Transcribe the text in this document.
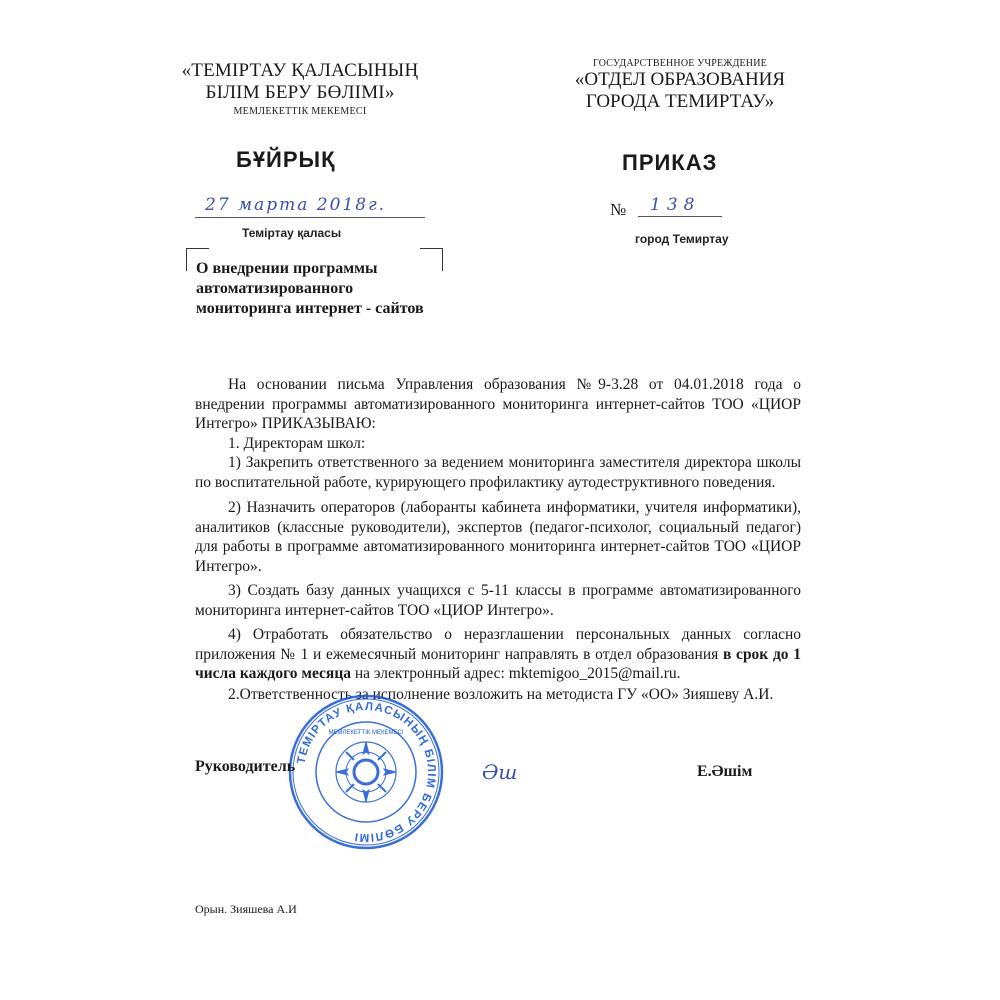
«ТЕМІРТАУ ҚАЛАСЫНЫҢ
БІЛІМ БЕРУ БӨЛІМІ»
МЕМЛЕКЕТТІК МЕКЕМЕСІ
ГОСУДАРСТВЕННОЕ УЧРЕЖДЕНИЕ
«ОТДЕЛ ОБРАЗОВАНИЯ
ГОРОДА ТЕМИРТАУ»
БҰЙРЫҚ	ПРИКАЗ
27 марта 2018г.
Теміртау қаласы
№ 138
город Темиртау
О внедрении программы
автоматизированного
мониторинга интернет - сайтов

На основании письма Управления образования №9-3.28 от 04.01.2018 года о внедрении программы автоматизированного мониторинга интернет-сайтов ТОО «ЦИОР Интегро» ПРИКАЗЫВАЮ:

1. Директорам школ:

1) Закрепить ответственного за ведением мониторинга заместителя директора школы по воспитательной работе, курирующего профилактику аутодеструктивного поведения.

2) Назначить операторов (лаборанты кабинета информатики, учителя информатики), аналитиков (классные руководители), экспертов (педагог-психолог, социальный педагог) для работы в программе автоматизированного мониторинга интернет-сайтов ТОО «ЦИОР Интегро».

3) Создать базу данных учащихся с 5-11 классы в программе автоматизированного мониторинга интернет-сайтов ТОО «ЦИОР Интегро».

4) Отработать обязательство о неразглашении персональных данных согласно приложения № 1 и ежемесячный мониторинг направлять в отдел образования в срок до 1 числа каждого месяца на электронный адрес: mktemigoo_2015@mail.ru.

2.Ответственность за исполнение возложить на методиста ГУ «ОО» Зияшеву А.И.

ТЕМІРТАУ ҚАЛАСЫНЫҢ БІЛІМ БЕРУ БӨЛІМІ
МЕМЛЕКЕТТІК МЕКЕМЕСІ
Руководитель	Әш	Е.Әшім
Орын. Зияшева А.И
